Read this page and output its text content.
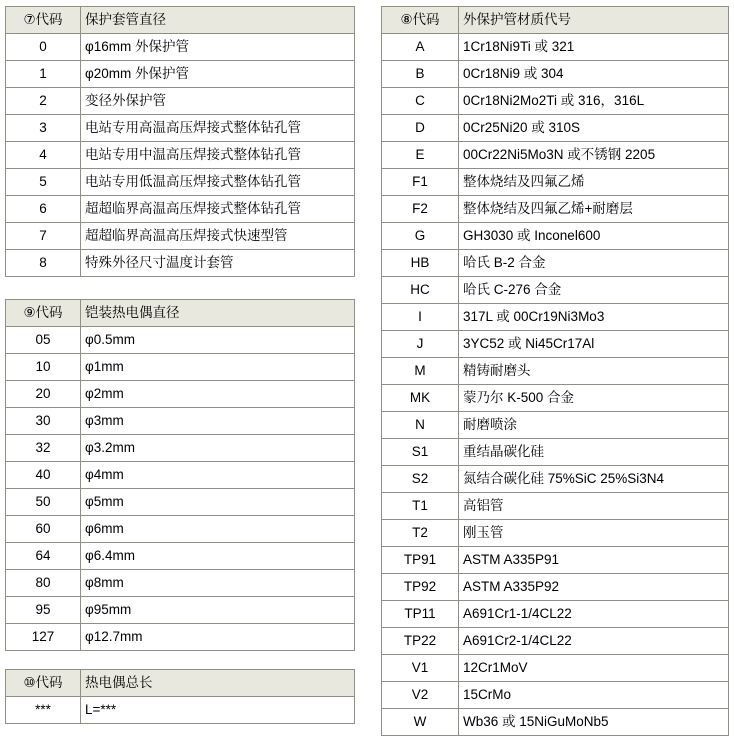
⑦代码	保护套管直径
0	φ16mm 外保护管
1	φ20mm 外保护管
2	变径外保护管
3	电站专用高温高压焊接式整体钻孔管
4	电站专用中温高压焊接式整体钻孔管
5	电站专用低温高压焊接式整体钻孔管
6	超超临界高温高压焊接式整体钻孔管
7	超超临界高温高压焊接式快速型管
8	特殊外径尺寸温度计套管
⑨代码	铠装热电偶直径
05	φ0.5mm
10	φ1mm
20	φ2mm
30	φ3mm
32	φ3.2mm
40	φ4mm
50	φ5mm
60	φ6mm
64	φ6.4mm
80	φ8mm
95	φ95mm
127	φ12.7mm
⑩代码	热电偶总长
***	L=***
⑧代码	外保护管材质代号
A	1Cr18Ni9Ti 或 321
B	0Cr18Ni9 或 304
C	0Cr18Ni2Mo2Ti 或 316，316L
D	0Cr25Ni20 或 310S
E	00Cr22Ni5Mo3N 或不锈钢 2205
F1	整体烧结及四氟乙烯
F2	整体烧结及四氟乙烯+耐磨层
G	GH3030 或 Inconel600
HB	哈氏 B-2 合金
HC	哈氏 C-276 合金
I	317L 或 00Cr19Ni3Mo3
J	3YC52 或 Ni45Cr17Al
M	精铸耐磨头
MK	蒙乃尔 K-500 合金
N	耐磨喷涂
S1	重结晶碳化硅
S2	氮结合碳化硅 75%SiC 25%Si3N4
T1	高铝管
T2	刚玉管
TP91	ASTM A335P91
TP92	ASTM A335P92
TP11	A691Cr1-1/4CL22
TP22	A691Cr2-1/4CL22
V1	12Cr1MoV
V2	15CrMo
W	Wb36 或 15NiGuMoNb5
